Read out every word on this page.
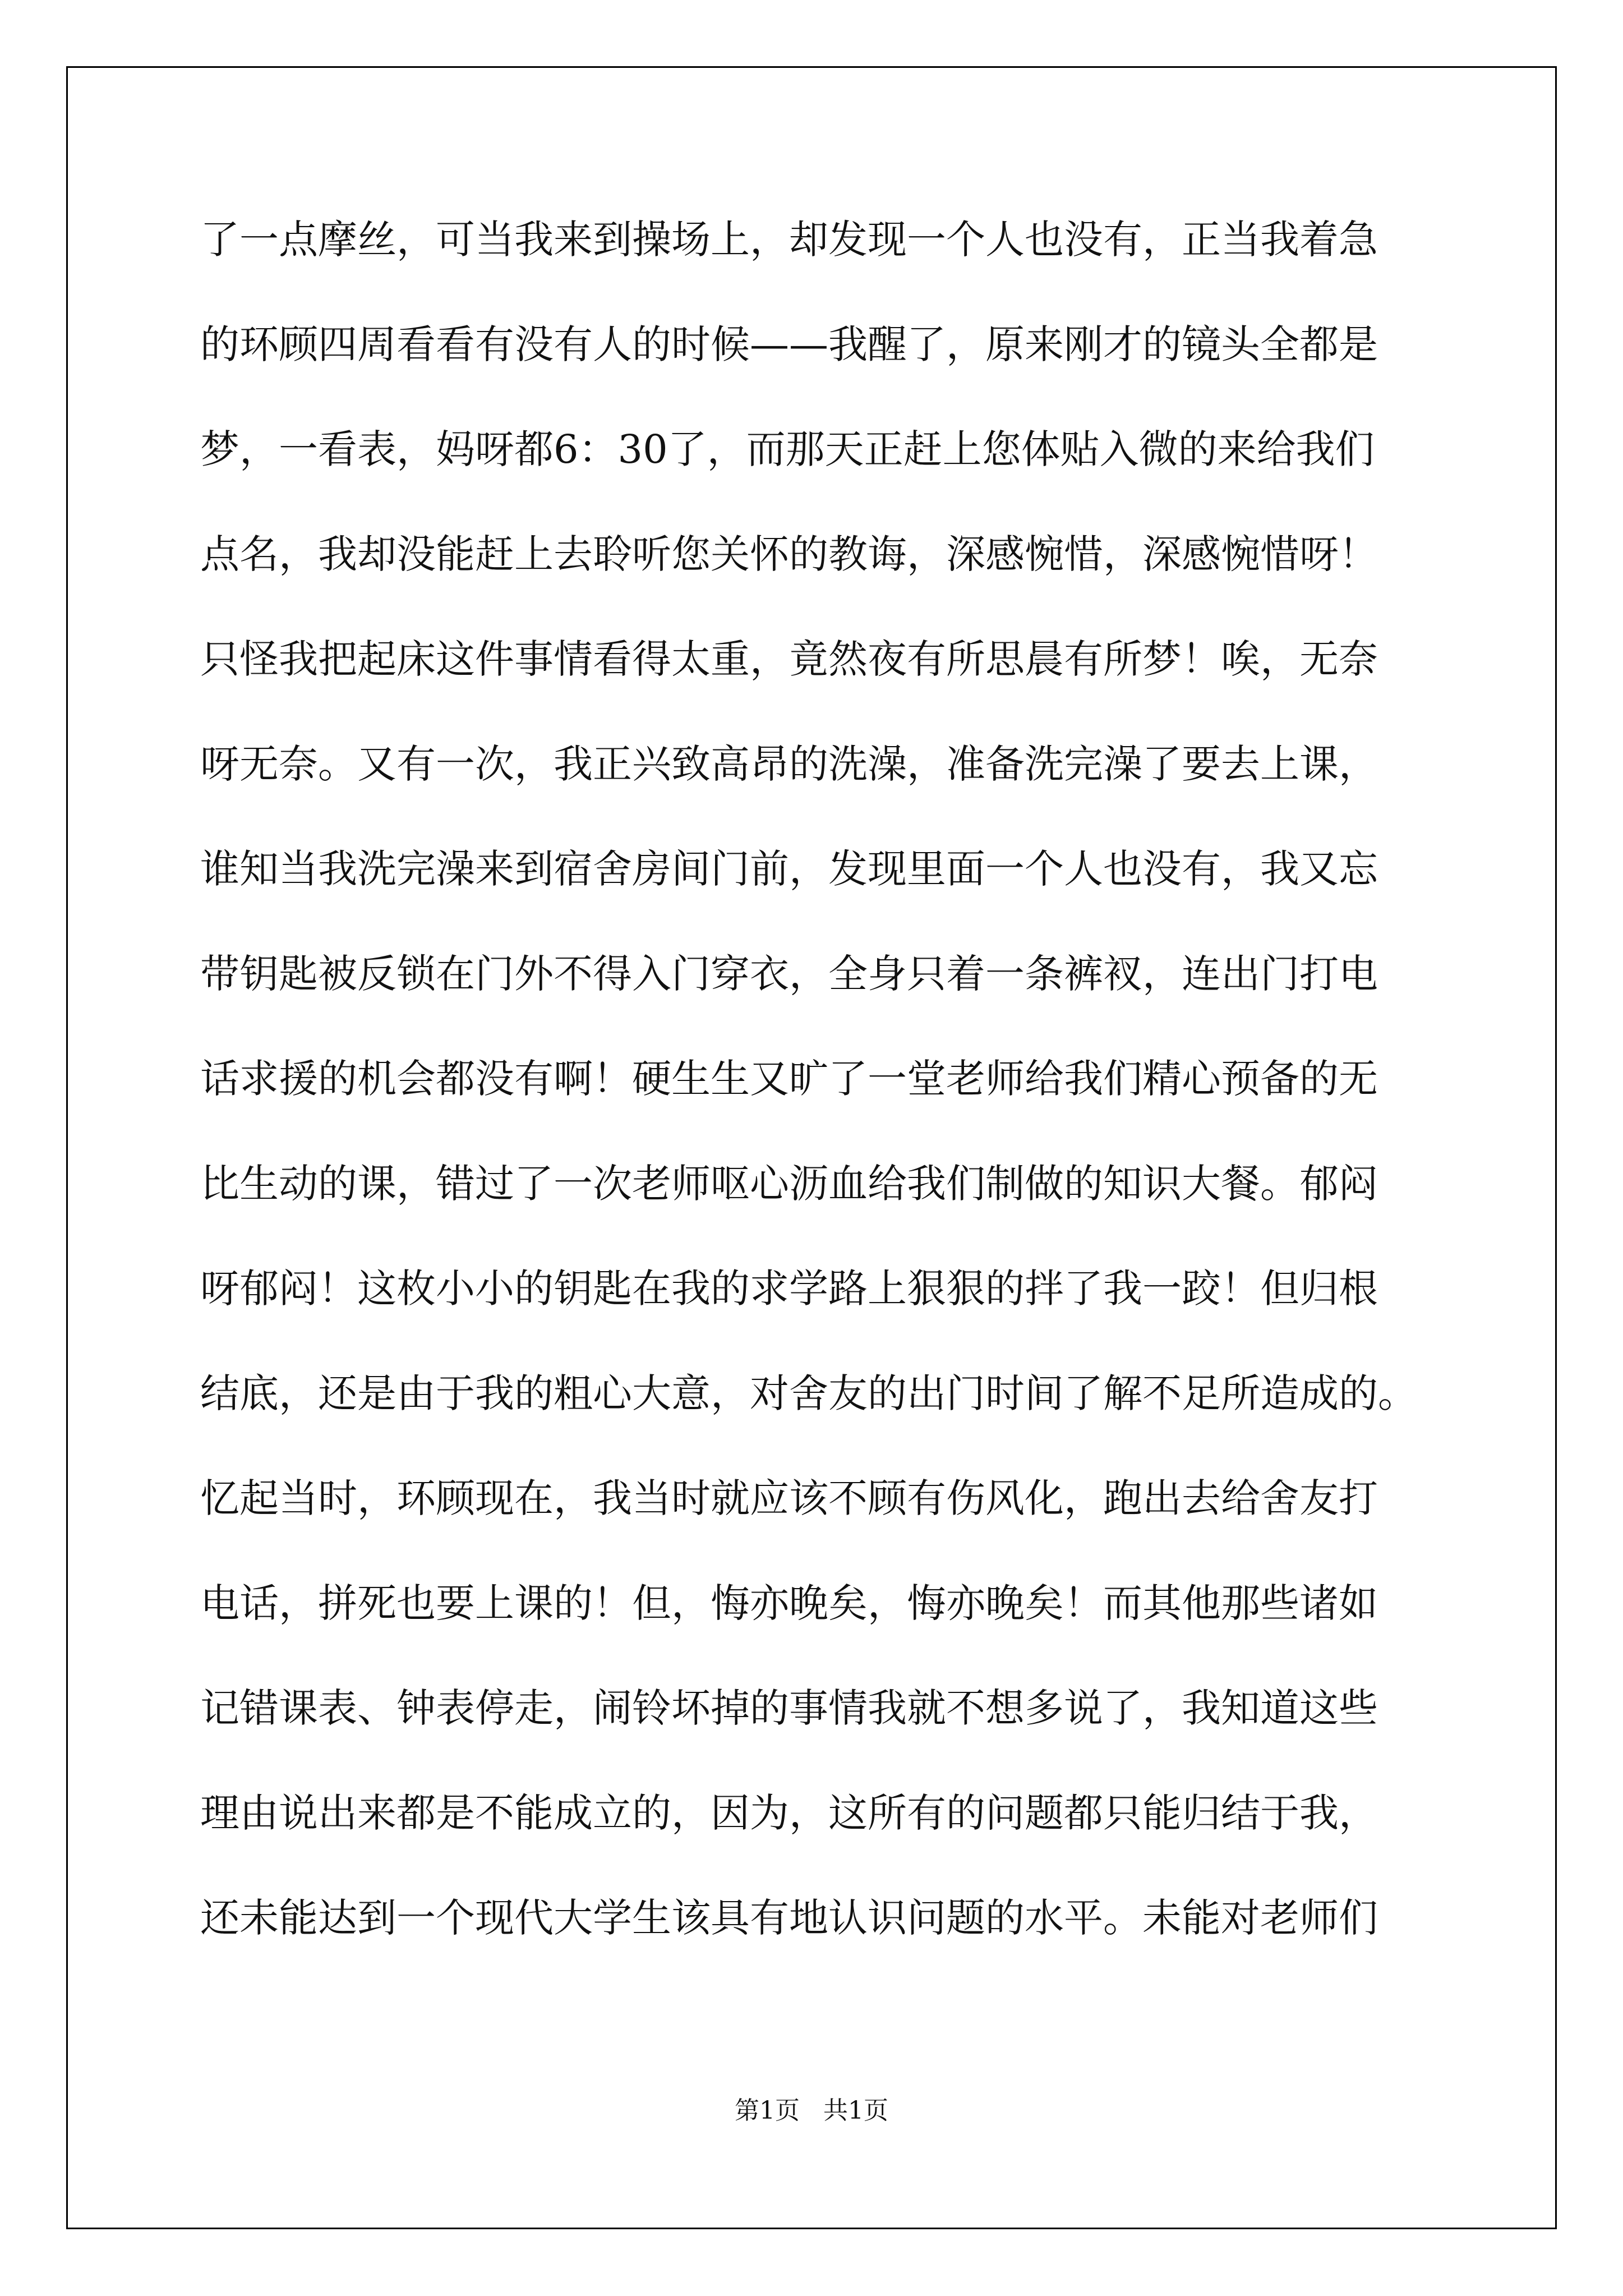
了一点摩丝，可当我来到操场上，却发现一个人也没有，正当我着急
的环顾四周看看有没有人的时候——我醒了，原来刚才的镜头全都是
梦，一看表，妈呀都6：30了，而那天正赶上您体贴入微的来给我们
点名，我却没能赶上去聆听您关怀的教诲，深感惋惜，深感惋惜呀！
只怪我把起床这件事情看得太重，竟然夜有所思晨有所梦！唉，无奈
呀无奈。又有一次，我正兴致高昂的洗澡，准备洗完澡了要去上课，
谁知当我洗完澡来到宿舍房间门前，发现里面一个人也没有，我又忘
带钥匙被反锁在门外不得入门穿衣，全身只着一条裤衩，连出门打电
话求援的机会都没有啊！硬生生又旷了一堂老师给我们精心预备的无
比生动的课，错过了一次老师呕心沥血给我们制做的知识大餐。郁闷
呀郁闷！这枚小小的钥匙在我的求学路上狠狠的拌了我一跤！但归根
结底，还是由于我的粗心大意，对舍友的出门时间了解不足所造成的。
忆起当时，环顾现在，我当时就应该不顾有伤风化，跑出去给舍友打
电话，拼死也要上课的！但，悔亦晚矣，悔亦晚矣！而其他那些诸如
记错课表、钟表停走，闹铃坏掉的事情我就不想多说了，我知道这些
理由说出来都是不能成立的，因为，这所有的问题都只能归结于我，
还未能达到一个现代大学生该具有地认识问题的水平。未能对老师们
第1页 共1页
